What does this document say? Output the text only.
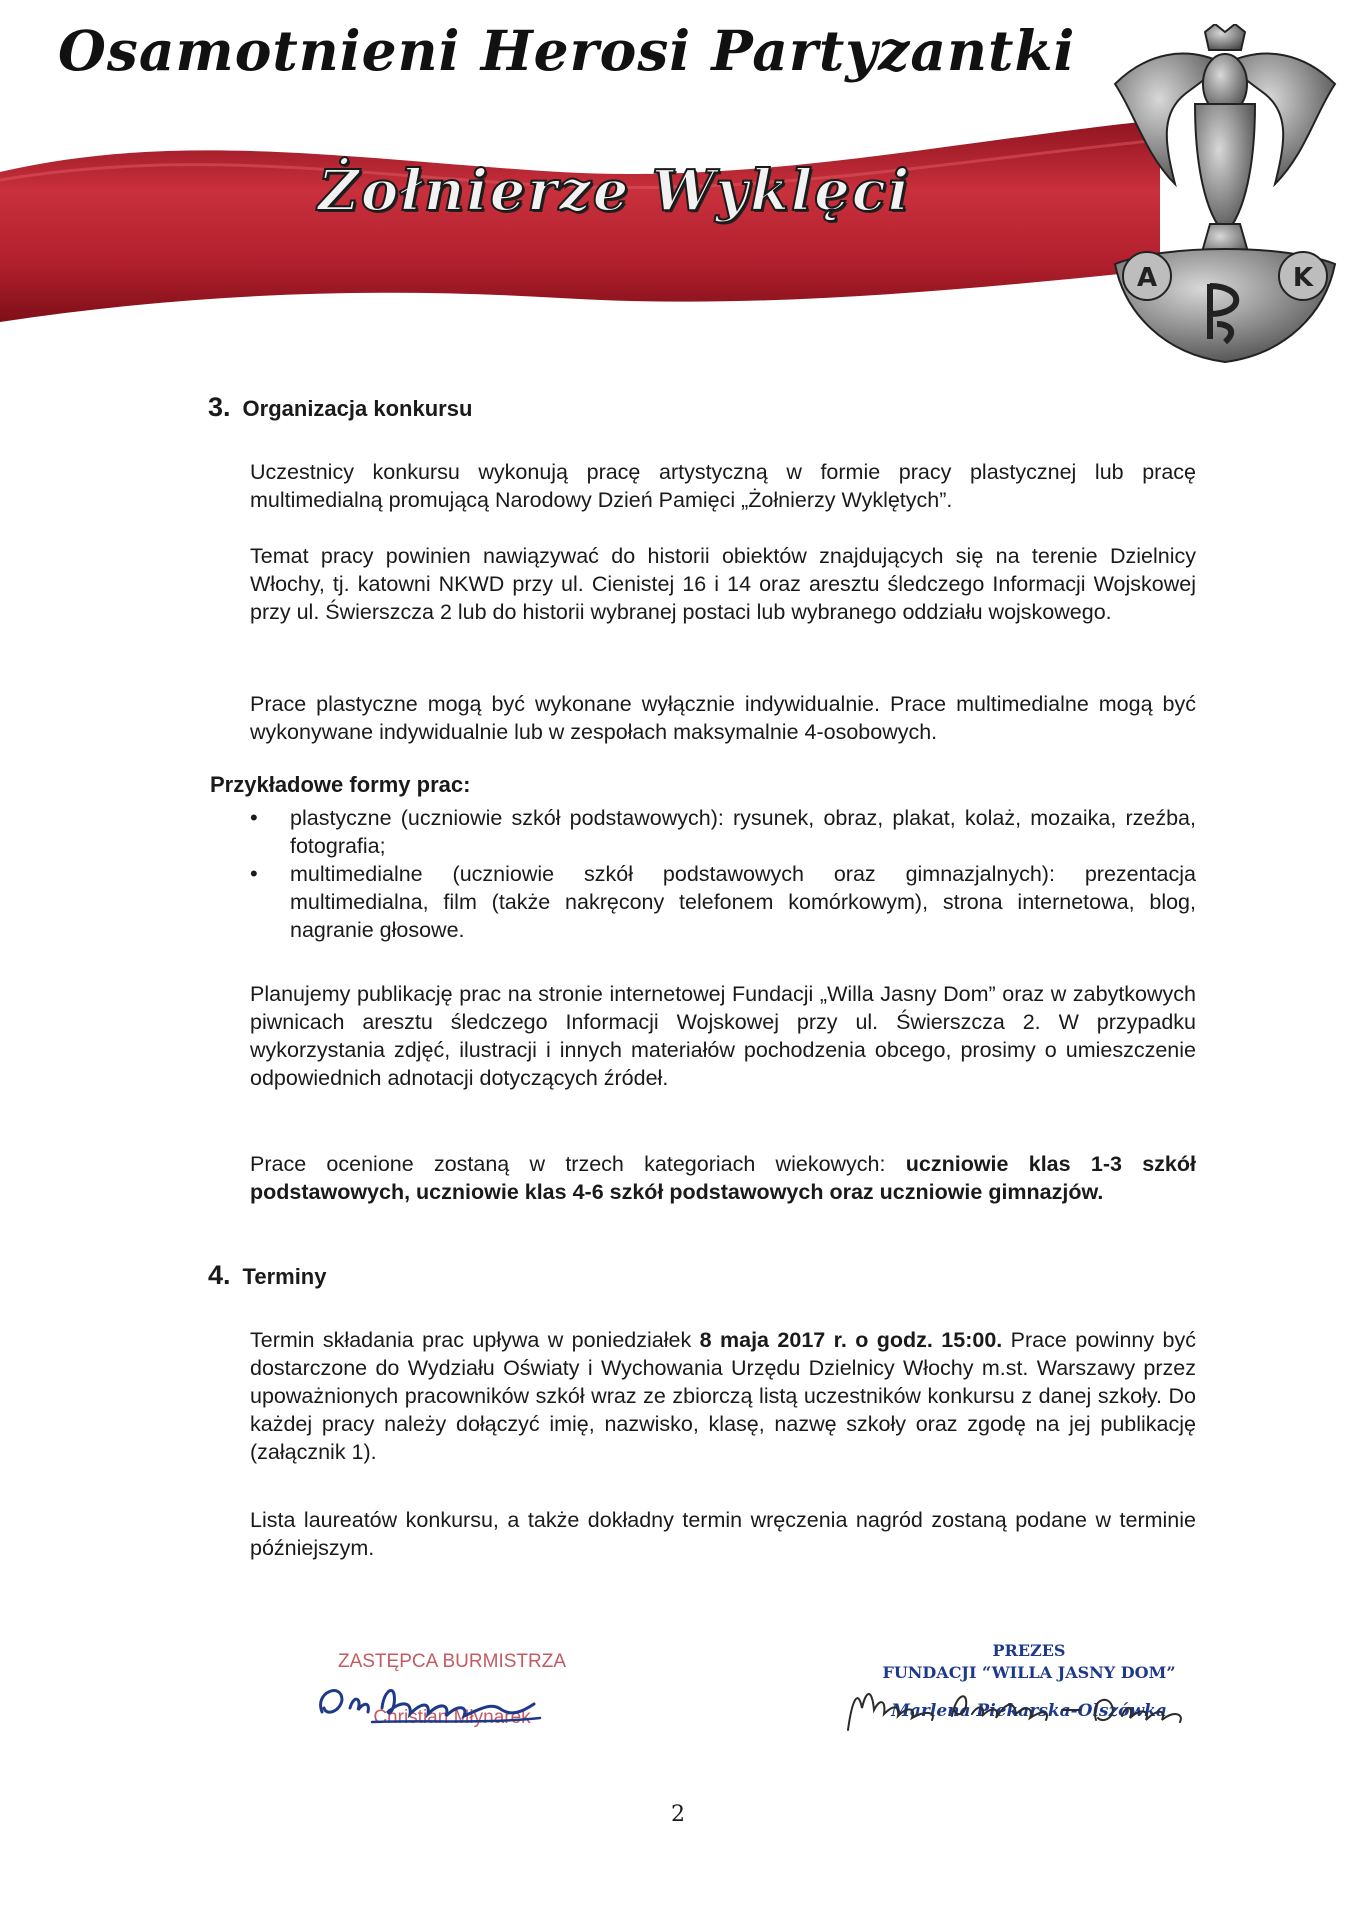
Żołnierze Wyklęci
Osamotnieni Herosi Partyzantki
A	K
3. Organizacja konkursu
Uczestnicy konkursu wykonują pracę artystyczną w formie pracy plastycznej lub pracę multimedialną promującą Narodowy Dzień Pamięci „Żołnierzy Wyklętych”.
Temat pracy powinien nawiązywać do historii obiektów znajdujących się na terenie Dzielnicy Włochy, tj. katowni NKWD przy ul. Cienistej 16 i 14 oraz aresztu śledczego Informacji Wojskowej przy ul. Świerszcza 2 lub do historii wybranej postaci lub wybranego oddziału wojskowego.
Prace plastyczne mogą być wykonane wyłącznie indywidualnie. Prace multimedialne mogą być wykonywane indywidualnie lub w zespołach maksymalnie 4-osobowych.
Przykładowe formy prac:
• plastyczne (uczniowie szkół podstawowych): rysunek, obraz, plakat, kolaż, mozaika, rzeźba, fotografia;
• multimedialne (uczniowie szkół podstawowych oraz gimnazjalnych): prezentacja multimedialna, film (także nakręcony telefonem komórkowym), strona internetowa, blog, nagranie głosowe.
Planujemy publikację prac na stronie internetowej Fundacji „Willa Jasny Dom” oraz w zabytkowych piwnicach aresztu śledczego Informacji Wojskowej przy ul. Świerszcza 2. W przypadku wykorzystania zdjęć, ilustracji i innych materiałów pochodzenia obcego, prosimy o umieszczenie odpowiednich adnotacji dotyczących źródeł.
Prace ocenione zostaną w trzech kategoriach wiekowych: uczniowie klas 1-3 szkół podstawowych, uczniowie klas 4-6 szkół podstawowych oraz uczniowie gimnazjów.
4. Terminy
Termin składania prac upływa w poniedziałek 8 maja 2017 r. o godz. 15:00. Prace powinny być dostarczone do Wydziału Oświaty i Wychowania Urzędu Dzielnicy Włochy m.st. Warszawy przez upoważnionych pracowników szkół wraz ze zbiorczą listą uczestników konkursu z danej szkoły. Do każdej pracy należy dołączyć imię, nazwisko, klasę, nazwę szkoły oraz zgodę na jej publikację (załącznik 1).
Lista laureatów konkursu, a także dokładny termin wręczenia nagród zostaną podane w terminie późniejszym.
ZASTĘPCA BURMISTRZA
Christian Młynarek
PREZES
FUNDACJI “WILLA JASNY DOM”
Marlena Piekarska-Olszówka
2
